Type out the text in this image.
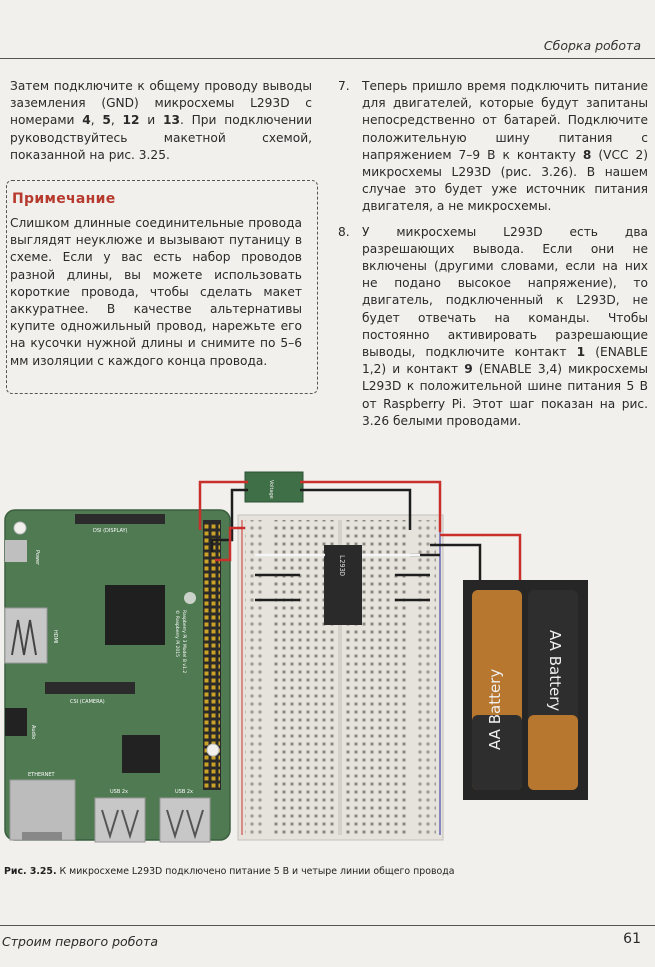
Сборка робота

Затем подключите к общему проводу выводы заземления (GND) микросхемы L293D с номерами 4, 5, 12 и 13. При подключении руководствуйтесь макетной схемой, показанной на рис. 3.25.

Примечание

Слишком длинные соединительные провода выглядят неуклюже и вызывают путаницу в схеме. Если у вас есть набор проводов разной длины, вы можете использовать короткие провода, чтобы сделать макет аккуратнее. В качестве альтернативы купите одножильный провод, нарежьте его на кусочки нужной длины и снимите по 5–6 мм изоляции с каждого конца провода.

7. Теперь пришло время подключить питание для двигателей, которые будут запитаны непосредственно от батарей. Подключите положительную шину питания с напряжением 7–9 В к контакту 8 (VCC 2) микросхемы L293D (рис. 3.26). В нашем случае это будет уже источник питания двигателя, а не микросхемы.

8. У микросхемы L293D есть два разрешающих вывода. Если они не включены (другими словами, если на них не подано высокое напряжение), то двигатель, подключенный к L293D, не будет отвечать на команды. Чтобы постоянно активировать разрешающие выводы, подключите контакт 1 (ENABLE 1,2) и контакт 9 (ENABLE 3,4) микросхемы L293D к положительной шине питания 5 В от Raspberry Pi. Этот шаг показан на рис. 3.26 белыми проводами.

Power
HDMI
DSI (DISPLAY)
CSI (CAMERA)
Audio
ETHERNET
USB 2x	USB 2x
Raspberry Pi 3 Model B v1.2
© Raspberry Pi 2015
L293D
Voltage
AA Battery	AA Battery
Рис. 3.25. К микросхеме L293D подключено питание 5 В и четыре линии общего провода
Строим первого робота	61
